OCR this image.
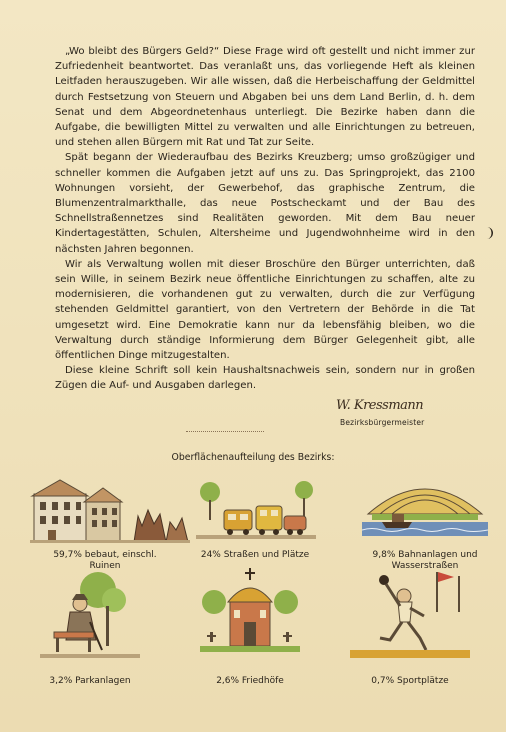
„Wo bleibt des Bürgers Geld?“ Diese Frage wird oft gestellt und nicht immer zur Zufriedenheit beantwortet. Das veranlaßt uns, das vorliegende Heft als kleinen Leitfaden herauszugeben. Wir alle wissen, daß die Herbeischaffung der Geldmittel durch Festsetzung von Steuern und Abgaben bei uns dem Land Berlin, d. h. dem Senat und dem Abgeordnetenhaus unterliegt. Die Bezirke haben dann die Aufgabe, die bewilligten Mittel zu verwalten und alle Einrichtungen zu betreuen, und stehen allen Bürgern mit Rat und Tat zur Seite.

Spät begann der Wiederaufbau des Bezirks Kreuzberg; umso großzügiger und schneller kommen die Aufgaben jetzt auf uns zu. Das Springprojekt, das 2100 Wohnungen vorsieht, der Gewerbehof, das graphische Zentrum, die Blumenzentralmarkthalle, das neue Postscheckamt und der Bau des Schnellstraßennetzes sind Realitäten geworden. Mit dem Bau neuer Kindertagestätten, Schulen, Altersheime und Jugendwohnheime wird in den nächsten Jahren begonnen.

Wir als Verwaltung wollen mit dieser Broschüre den Bürger unterrichten, daß sein Wille, in seinem Bezirk neue öffentliche Einrichtungen zu schaffen, alte zu modernisieren, die vorhandenen gut zu verwalten, durch die zur Verfügung stehenden Geldmittel garantiert, von den Vertretern der Behörde in die Tat umgesetzt wird. Eine Demokratie kann nur da lebensfähig bleiben, wo die Verwaltung durch ständige Informierung dem Bürger Gelegenheit gibt, alle öffentlichen Dinge mitzugestalten.

Diese kleine Schrift soll kein Haushaltsnachweis sein, sondern nur in großen Zügen die Auf- und Ausgaben darlegen.

W. Kressmann
Bezirksbürgermeister
Oberflächenaufteilung des Bezirks:
59,7% bebaut, einschl.
Ruinen
24% Straßen und Plätze	9,8% Bahnanlagen und
Wasserstraßen
3,2% Parkanlagen	2,6% Friedhöfe	0,7% Sportplätze
